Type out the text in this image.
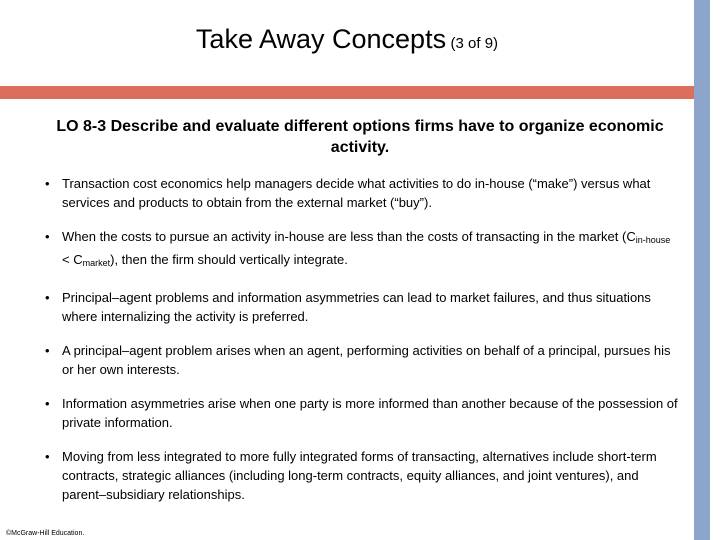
Take Away Concepts (3 of 9)
LO 8-3 Describe and evaluate different options firms have to organize economic activity.
• Transaction cost economics help managers decide what activities to do in-house (“make”) versus what services and products to obtain from the external market (“buy”).
• When the costs to pursue an activity in-house are less than the costs of transacting in the market $(C_{in-house} < C_{market})$, then the firm should vertically integrate.
• Principal–agent problems and information asymmetries can lead to market failures, and thus situations where internalizing the activity is preferred.
• A principal–agent problem arises when an agent, performing activities on behalf of a principal, pursues his or her own interests.
• Information asymmetries arise when one party is more informed than another because of the possession of private information.
• Moving from less integrated to more fully integrated forms of transacting, alternatives include short-term contracts, strategic alliances (including long-term contracts, equity alliances, and joint ventures), and parent–subsidiary relationships.
©McGraw-Hill Education.
